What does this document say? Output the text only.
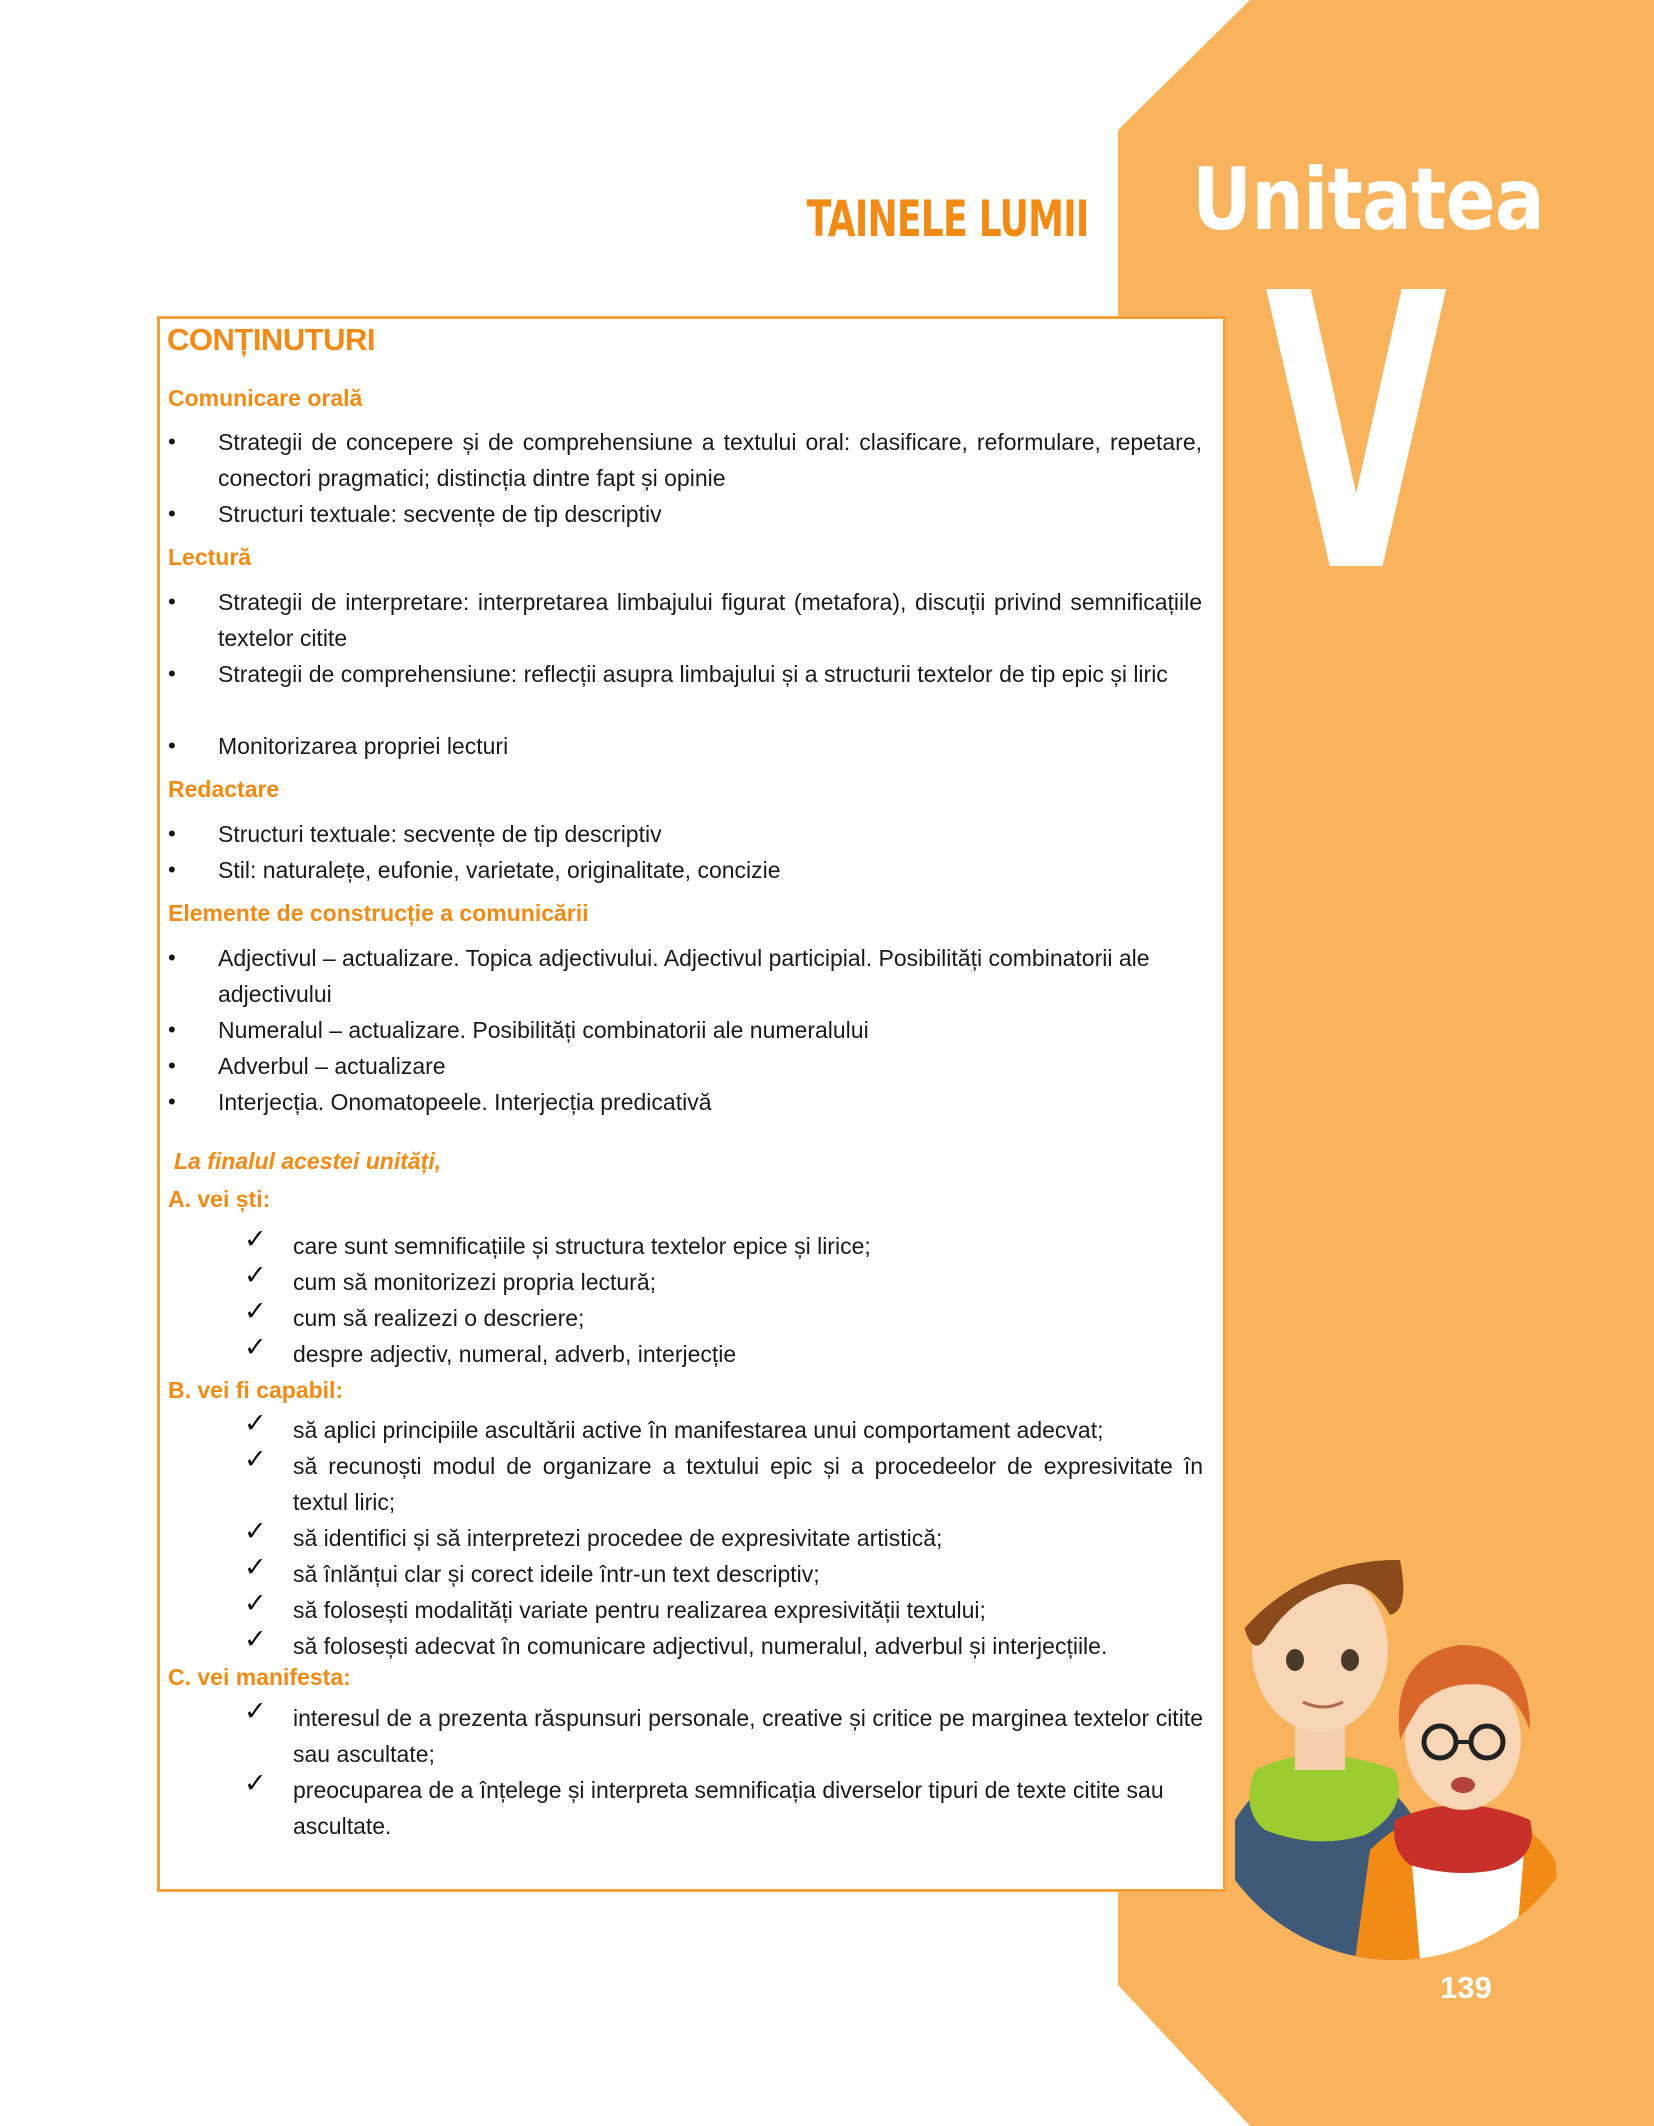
Unitatea
V
TAINELE LUMII
CONȚINUTURI
Comunicare orală
• Strategii de concepere și de comprehensiune a textului oral: clasificare, reformulare, repetare, conectori pragmatici; distincția dintre fapt și opinie
• Structuri textuale: secvențe de tip descriptiv
Lectură
• Strategii de interpretare: interpretarea limbajului figurat (metafora), discuții privind semnificațiile textelor citite
• Strategii de comprehensiune: reflecții asupra limbajului și a structurii textelor de tip epic și liric
• Monitorizarea propriei lecturi
Redactare
• Structuri textuale: secvențe de tip descriptiv
• Stil: naturalețe, eufonie, varietate, originalitate, concizie
Elemente de construcție a comunicării
• Adjectivul – actualizare. Topica adjectivului. Adjectivul participial. Posibilități combinatorii ale adjectivului
• Numeralul – actualizare. Posibilități combinatorii ale numeralului
• Adverbul – actualizare
• Interjecția. Onomatopeele. Interjecția predicativă
La finalul acestei unități,
A. vei ști:
✓ care sunt semnificațiile și structura textelor epice și lirice;
✓ cum să monitorizezi propria lectură;
✓ cum să realizezi o descriere;
✓ despre adjectiv, numeral, adverb, interjecție
B. vei fi capabil:
✓ să aplici principiile ascultării active în manifestarea unui comportament adecvat;
✓ să recunoști modul de organizare a textului epic și a procedeelor de expresivitate în textul liric;
✓ să identifici și să interpretezi procedee de expresivitate artistică;
✓ să înlănțui clar și corect ideile într-un text descriptiv;
✓ să folosești modalități variate pentru realizarea expresivității textului;
✓ să folosești adecvat în comunicare adjectivul, numeralul, adverbul și interjecțiile.
C. vei manifesta:
✓ interesul de a prezenta răspunsuri personale, creative și critice pe marginea textelor citite sau ascultate;
✓ preocuparea de a înțelege și interpreta semnificația diverselor tipuri de texte citite sau ascultate.
139
